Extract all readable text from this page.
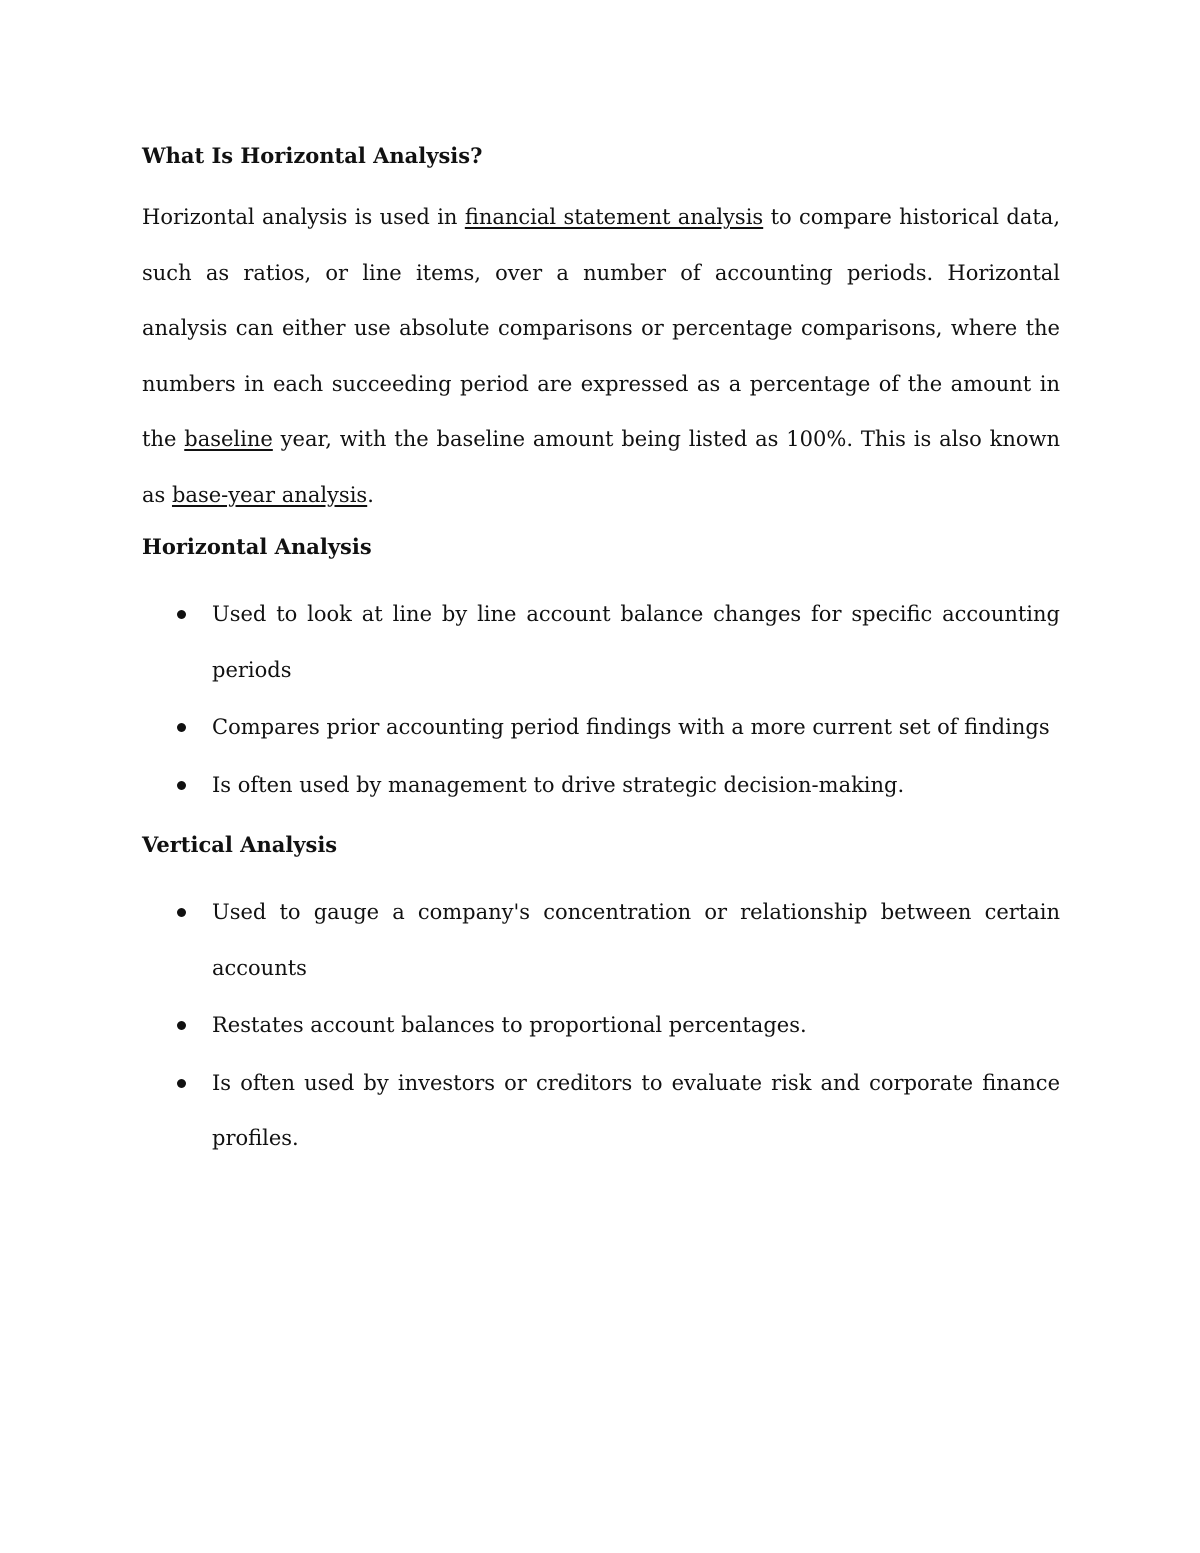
What Is Horizontal Analysis?

Horizontal analysis is used in financial statement analysis to compare historical data, such as ratios, or line items, over a number of accounting periods. Horizontal analysis can either use absolute comparisons or percentage comparisons, where the numbers in each succeeding period are expressed as a percentage of the amount in the baseline year, with the baseline amount being listed as 100%. This is also known as base-year analysis.

Horizontal Analysis
Used to look at line by line account balance changes for specific accounting periods
Compares prior accounting period findings with a more current set of findings
Is often used by management to drive strategic decision-making.
Vertical Analysis
Used to gauge a company's concentration or relationship between certain accounts
Restates account balances to proportional percentages.
Is often used by investors or creditors to evaluate risk and corporate finance profiles.
